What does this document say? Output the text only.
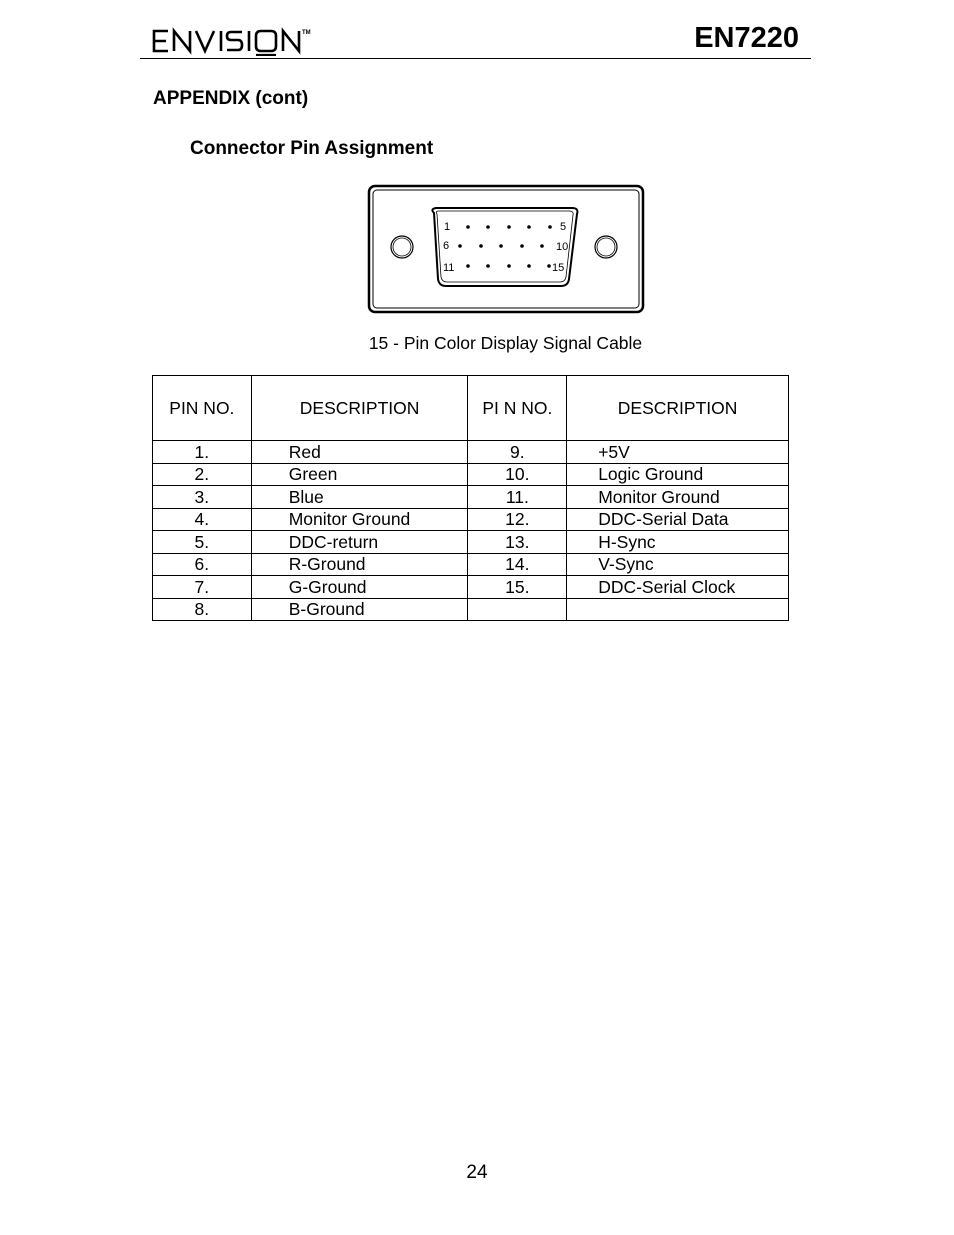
TM	EN7220
APPENDIX (cont)
Connector Pin Assignment
1	5
6	10
11	15
15 - Pin Color Display Signal Cable
PIN NO.	DESCRIPTION	PI N NO.	DESCRIPTION
1.	Red	9.	+5V
2.	Green	10.	Logic Ground
3.	Blue	11.	Monitor Ground
4.	Monitor Ground	12.	DDC-Serial Data
5.	DDC-return	13.	H-Sync
6.	R-Ground	14.	V-Sync
7.	G-Ground	15.	DDC-Serial Clock
8.	B-Ground		
24
